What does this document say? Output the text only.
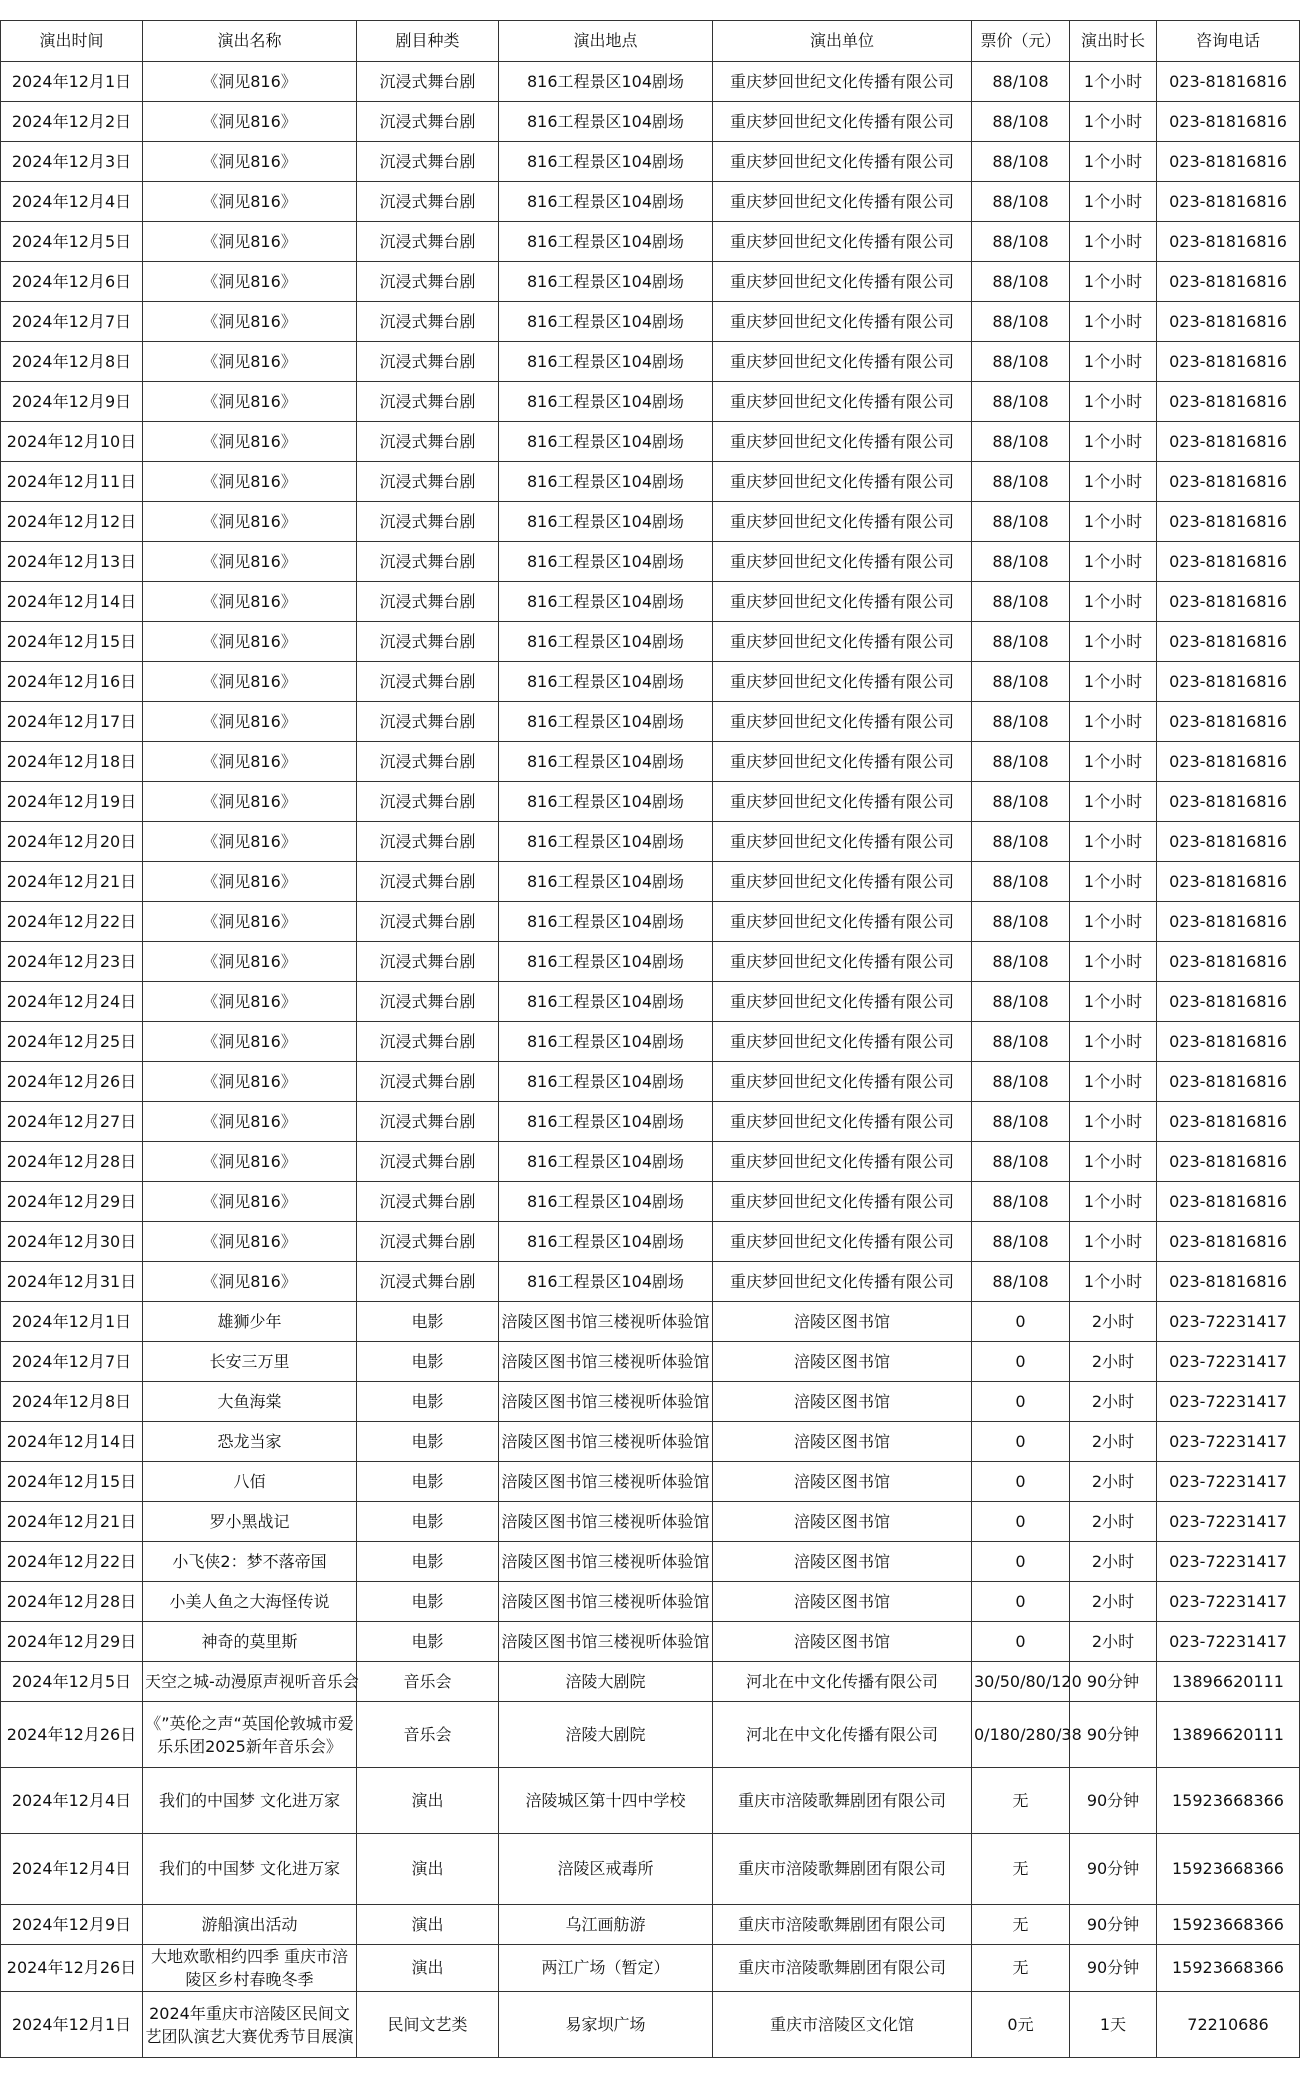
演出时间	演出名称	剧目种类	演出地点	演出单位	票价（元）	演出时长	咨询电话
2024年12月1日	《洞见816》	沉浸式舞台剧	816工程景区104剧场	重庆梦回世纪文化传播有限公司	88/108	1个小时	023-81816816
2024年12月2日	《洞见816》	沉浸式舞台剧	816工程景区104剧场	重庆梦回世纪文化传播有限公司	88/108	1个小时	023-81816816
2024年12月3日	《洞见816》	沉浸式舞台剧	816工程景区104剧场	重庆梦回世纪文化传播有限公司	88/108	1个小时	023-81816816
2024年12月4日	《洞见816》	沉浸式舞台剧	816工程景区104剧场	重庆梦回世纪文化传播有限公司	88/108	1个小时	023-81816816
2024年12月5日	《洞见816》	沉浸式舞台剧	816工程景区104剧场	重庆梦回世纪文化传播有限公司	88/108	1个小时	023-81816816
2024年12月6日	《洞见816》	沉浸式舞台剧	816工程景区104剧场	重庆梦回世纪文化传播有限公司	88/108	1个小时	023-81816816
2024年12月7日	《洞见816》	沉浸式舞台剧	816工程景区104剧场	重庆梦回世纪文化传播有限公司	88/108	1个小时	023-81816816
2024年12月8日	《洞见816》	沉浸式舞台剧	816工程景区104剧场	重庆梦回世纪文化传播有限公司	88/108	1个小时	023-81816816
2024年12月9日	《洞见816》	沉浸式舞台剧	816工程景区104剧场	重庆梦回世纪文化传播有限公司	88/108	1个小时	023-81816816
2024年12月10日	《洞见816》	沉浸式舞台剧	816工程景区104剧场	重庆梦回世纪文化传播有限公司	88/108	1个小时	023-81816816
2024年12月11日	《洞见816》	沉浸式舞台剧	816工程景区104剧场	重庆梦回世纪文化传播有限公司	88/108	1个小时	023-81816816
2024年12月12日	《洞见816》	沉浸式舞台剧	816工程景区104剧场	重庆梦回世纪文化传播有限公司	88/108	1个小时	023-81816816
2024年12月13日	《洞见816》	沉浸式舞台剧	816工程景区104剧场	重庆梦回世纪文化传播有限公司	88/108	1个小时	023-81816816
2024年12月14日	《洞见816》	沉浸式舞台剧	816工程景区104剧场	重庆梦回世纪文化传播有限公司	88/108	1个小时	023-81816816
2024年12月15日	《洞见816》	沉浸式舞台剧	816工程景区104剧场	重庆梦回世纪文化传播有限公司	88/108	1个小时	023-81816816
2024年12月16日	《洞见816》	沉浸式舞台剧	816工程景区104剧场	重庆梦回世纪文化传播有限公司	88/108	1个小时	023-81816816
2024年12月17日	《洞见816》	沉浸式舞台剧	816工程景区104剧场	重庆梦回世纪文化传播有限公司	88/108	1个小时	023-81816816
2024年12月18日	《洞见816》	沉浸式舞台剧	816工程景区104剧场	重庆梦回世纪文化传播有限公司	88/108	1个小时	023-81816816
2024年12月19日	《洞见816》	沉浸式舞台剧	816工程景区104剧场	重庆梦回世纪文化传播有限公司	88/108	1个小时	023-81816816
2024年12月20日	《洞见816》	沉浸式舞台剧	816工程景区104剧场	重庆梦回世纪文化传播有限公司	88/108	1个小时	023-81816816
2024年12月21日	《洞见816》	沉浸式舞台剧	816工程景区104剧场	重庆梦回世纪文化传播有限公司	88/108	1个小时	023-81816816
2024年12月22日	《洞见816》	沉浸式舞台剧	816工程景区104剧场	重庆梦回世纪文化传播有限公司	88/108	1个小时	023-81816816
2024年12月23日	《洞见816》	沉浸式舞台剧	816工程景区104剧场	重庆梦回世纪文化传播有限公司	88/108	1个小时	023-81816816
2024年12月24日	《洞见816》	沉浸式舞台剧	816工程景区104剧场	重庆梦回世纪文化传播有限公司	88/108	1个小时	023-81816816
2024年12月25日	《洞见816》	沉浸式舞台剧	816工程景区104剧场	重庆梦回世纪文化传播有限公司	88/108	1个小时	023-81816816
2024年12月26日	《洞见816》	沉浸式舞台剧	816工程景区104剧场	重庆梦回世纪文化传播有限公司	88/108	1个小时	023-81816816
2024年12月27日	《洞见816》	沉浸式舞台剧	816工程景区104剧场	重庆梦回世纪文化传播有限公司	88/108	1个小时	023-81816816
2024年12月28日	《洞见816》	沉浸式舞台剧	816工程景区104剧场	重庆梦回世纪文化传播有限公司	88/108	1个小时	023-81816816
2024年12月29日	《洞见816》	沉浸式舞台剧	816工程景区104剧场	重庆梦回世纪文化传播有限公司	88/108	1个小时	023-81816816
2024年12月30日	《洞见816》	沉浸式舞台剧	816工程景区104剧场	重庆梦回世纪文化传播有限公司	88/108	1个小时	023-81816816
2024年12月31日	《洞见816》	沉浸式舞台剧	816工程景区104剧场	重庆梦回世纪文化传播有限公司	88/108	1个小时	023-81816816
2024年12月1日	雄狮少年	电影	涪陵区图书馆三楼视听体验馆	涪陵区图书馆	0	2小时	023-72231417
2024年12月7日	长安三万里	电影	涪陵区图书馆三楼视听体验馆	涪陵区图书馆	0	2小时	023-72231417
2024年12月8日	大鱼海棠	电影	涪陵区图书馆三楼视听体验馆	涪陵区图书馆	0	2小时	023-72231417
2024年12月14日	恐龙当家	电影	涪陵区图书馆三楼视听体验馆	涪陵区图书馆	0	2小时	023-72231417
2024年12月15日	八佰	电影	涪陵区图书馆三楼视听体验馆	涪陵区图书馆	0	2小时	023-72231417
2024年12月21日	罗小黑战记	电影	涪陵区图书馆三楼视听体验馆	涪陵区图书馆	0	2小时	023-72231417
2024年12月22日	小飞侠2：梦不落帝国	电影	涪陵区图书馆三楼视听体验馆	涪陵区图书馆	0	2小时	023-72231417
2024年12月28日	小美人鱼之大海怪传说	电影	涪陵区图书馆三楼视听体验馆	涪陵区图书馆	0	2小时	023-72231417
2024年12月29日	神奇的莫里斯	电影	涪陵区图书馆三楼视听体验馆	涪陵区图书馆	0	2小时	023-72231417
2024年12月5日	天空之城-动漫原声视听音乐会	音乐会	涪陵大剧院	河北在中文化传播有限公司	30/50/80/120	90分钟	13896620111
2024年12月26日	《”英伦之声“英国伦敦城市爱乐乐团2025新年音乐会》	音乐会	涪陵大剧院	河北在中文化传播有限公司	0/180/280/38	90分钟	13896620111
2024年12月4日	我们的中国梦 文化进万家	演出	涪陵城区第十四中学校	重庆市涪陵歌舞剧团有限公司	无	90分钟	15923668366
2024年12月4日	我们的中国梦 文化进万家	演出	涪陵区戒毒所	重庆市涪陵歌舞剧团有限公司	无	90分钟	15923668366
2024年12月9日	游船演出活动	演出	乌江画舫游	重庆市涪陵歌舞剧团有限公司	无	90分钟	15923668366
2024年12月26日	大地欢歌相约四季 重庆市涪陵区乡村春晚冬季	演出	两江广场（暂定）	重庆市涪陵歌舞剧团有限公司	无	90分钟	15923668366
2024年12月1日	2024年重庆市涪陵区民间文艺团队演艺大赛优秀节目展演	民间文艺类	易家坝广场	重庆市涪陵区文化馆	0元	1天	72210686
